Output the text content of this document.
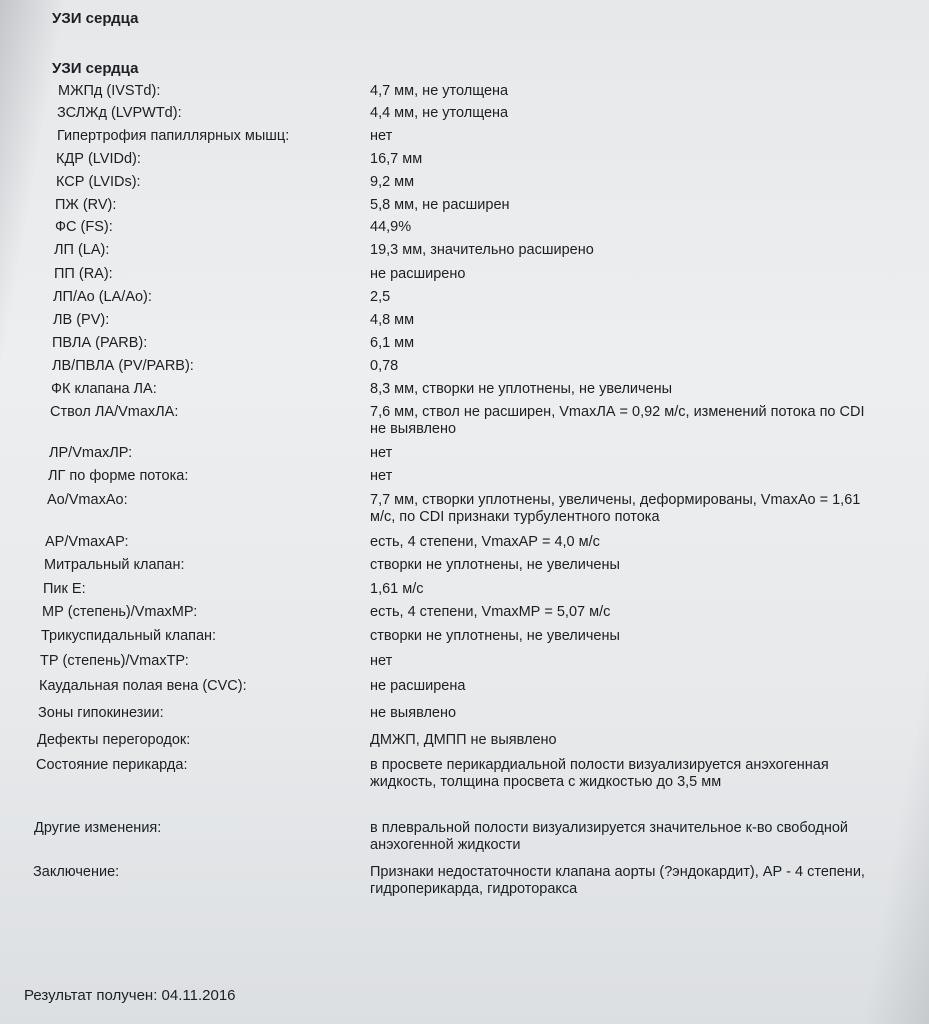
УЗИ сердца
УЗИ сердца
МЖПд (IVSTd):	4,7 мм, не утолщена
ЗСЛЖд (LVPWTd):	4,4 мм, не утолщена
Гипертрофия папиллярных мышц:	нет
КДР (LVIDd):	16,7 мм
КСР (LVIDs):	9,2 мм
ПЖ (RV):	5,8 мм, не расширен
ФС (FS):	44,9%
ЛП (LA):	19,3 мм, значительно расширено
ПП (RA):	не расширено
ЛП/Ао (LA/Ao):	2,5
ЛВ (PV):	4,8 мм
ПВЛА (PARB):	6,1 мм
ЛВ/ПВЛА (PV/PARB):	0,78
ФК клапана ЛА:	8,3 мм, створки не уплотнены, не увеличены
Ствол ЛА/VmaxЛА:	7,6 мм, ствол не расширен, VmaxЛА = 0,92 м/с, изменений потока по CDI не выявлено
ЛР/VmaxЛР:	нет
ЛГ по форме потока:	нет
Ао/VmaxАо:	7,7 мм, створки уплотнены, увеличены, деформированы, VmaxАо = 1,61 м/с, по CDI признаки турбулентного потока
АР/VmaxАР:	есть, 4 степени, VmaxАР = 4,0 м/с
Митральный клапан:	створки не уплотнены, не увеличены
Пик Е:	1,61 м/с
МР (степень)/VmaxМР:	есть, 4 степени, VmaxМР = 5,07 м/с
Трикуспидальный клапан:	створки не уплотнены, не увеличены
ТР (степень)/VmaxТР:	нет
Каудальная полая вена (CVC):	не расширена
Зоны гипокинезии:	не выявлено
Дефекты перегородок:	ДМЖП, ДМПП не выявлено
Состояние перикарда:	в просвете перикардиальной полости визуализируется анэхогенная жидкость, толщина просвета с жидкостью до 3,5 мм
Другие изменения:	в плевральной полости визуализируется значительное к-во свободной анэхогенной жидкости
Заключение:	Признаки недостаточности клапана аорты (?эндокардит), АР - 4 степени, гидроперикарда, гидроторакса
Результат получен: 04.11.2016
